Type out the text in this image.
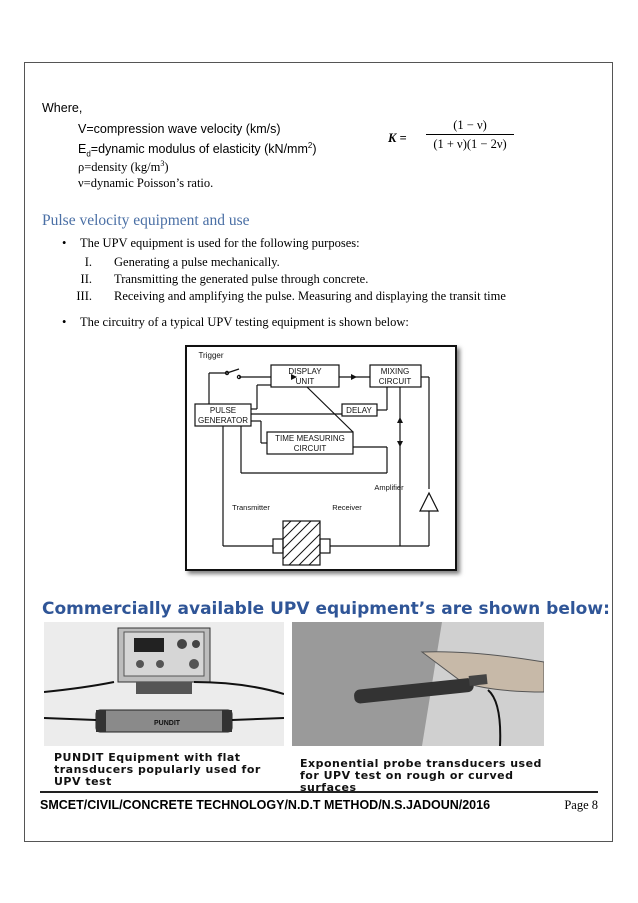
Where,
V=compression wave velocity (km/s)
$E_d=dynamic$ modulus of elasticity $(kN/mm^2)$
ρ=density $(kg/m^3)$
ν=dynamic Poisson’s ratio.
K =
(1 − ν)
(1 + ν)(1 − 2ν)
Pulse velocity equipment and use
• The UPV equipment is used for the following purposes:
I. Generating a pulse mechanically.
II. Transmitting the generated pulse through concrete.
III. Receiving and amplifying the pulse. Measuring and displaying the transit time
• The circuitry of a typical UPV testing equipment is shown below:
Trigger
DISPLAY
UNIT
MIXING
CIRCUIT
PULSE
GENERATOR
DELAY
TIME MEASURING
CIRCUIT
Amplifier
Transmitter	Receiver
Commercially available UPV equipment’s are shown below:
PUNDIT
PUNDIT Equipment with flat
transducers popularly used for
UPV test
Exponential probe transducers used
for UPV test on rough or curved
surfaces
SMCET/CIVIL/CONCRETE TECHNOLOGY/N.D.T METHOD/N.S.JADOUN/2016	Page 8
